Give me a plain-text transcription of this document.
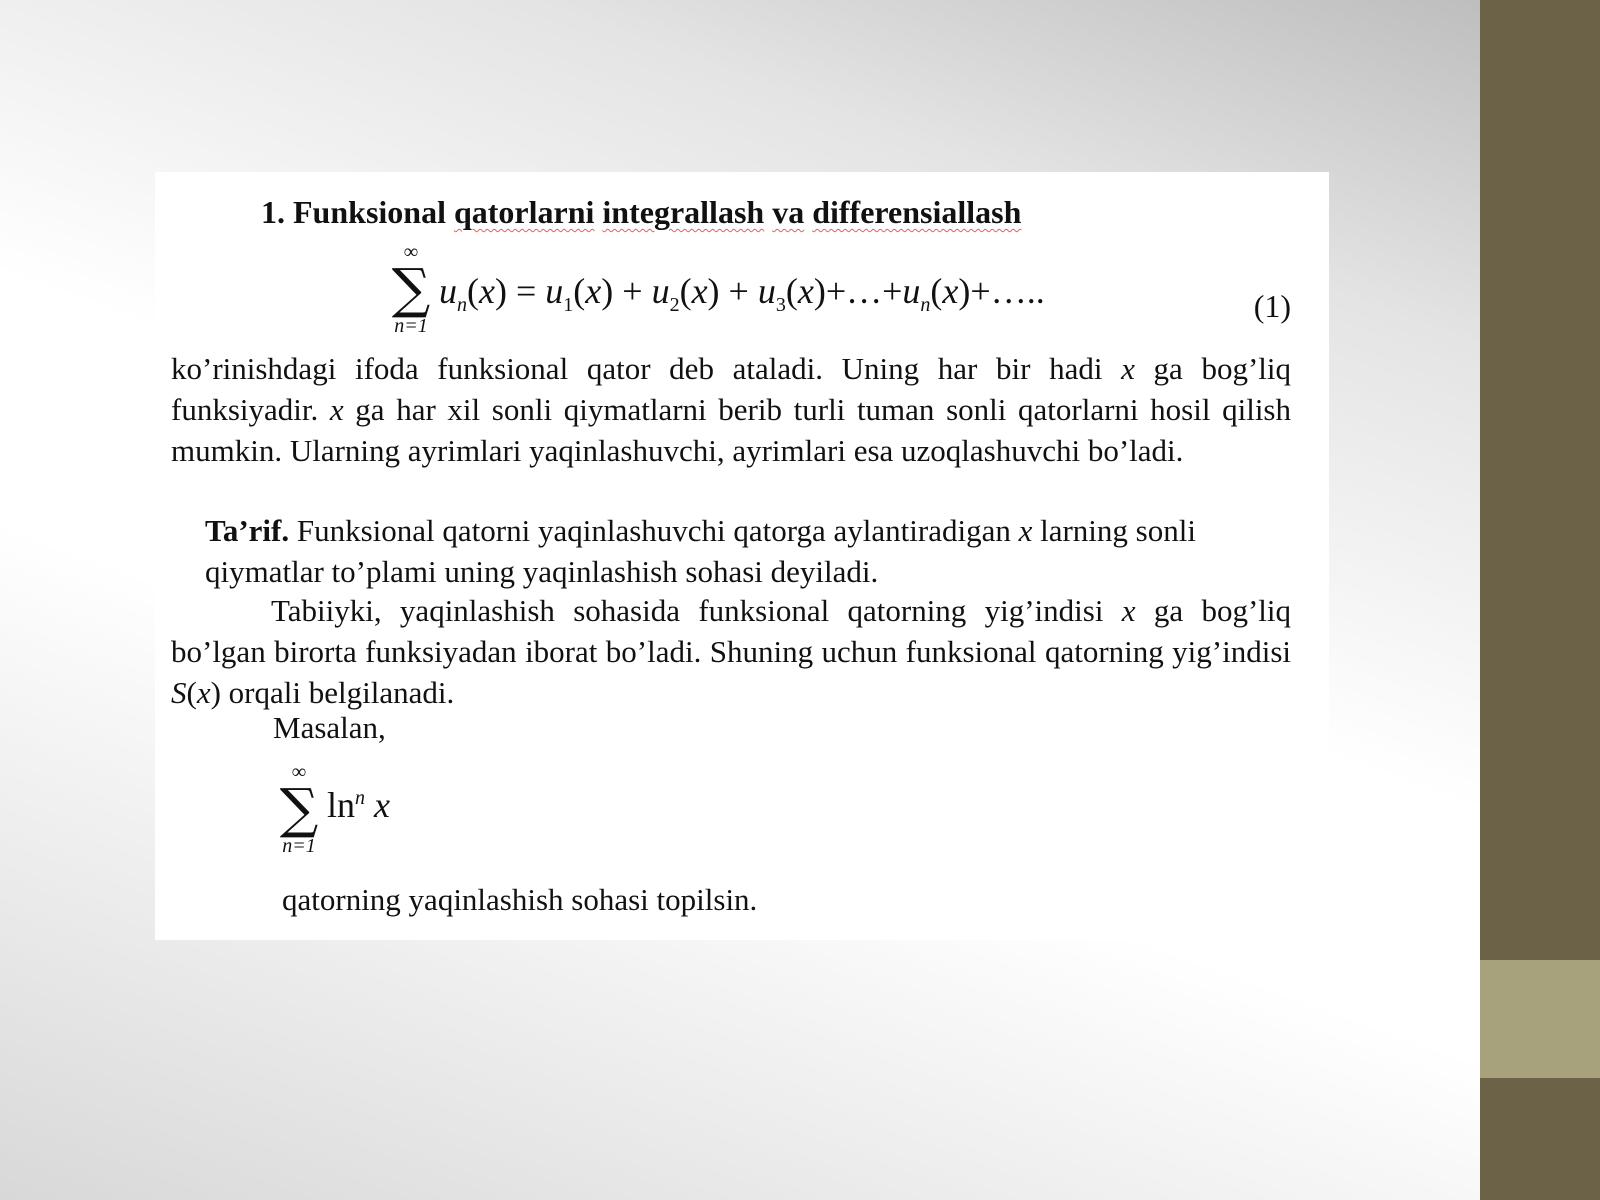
1. Funksional qatorlarni integrallash va differensiallash
∞
∑
n=1
$u_n(x) = u_1(x) + u_2(x)$ + $u_3(x)+\dots+u_n(x)+\dots$..	(1)
ko’rinishdagi ifoda funksional qator deb ataladi. Uning har bir hadi x ga bog’liq funksiyadir. x ga har xil sonli qiymatlarni berib turli tuman sonli qatorlarni hosil qilish mumkin. Ularning ayrimlari yaqinlashuvchi, ayrimlari esa uzoqlashuvchi bo’ladi.
Ta’rif. Funksional qatorni yaqinlashuvchi qatorga aylantiradigan x larning sonli qiymatlar to’plami uning yaqinlashish sohasi deyiladi.
Tabiiyki, yaqinlashish sohasida funksional qatorning yig’indisi x ga bog’liq bo’lgan birorta funksiyadan iborat bo’ladi. Shuning uchun funksional qatorning yig’indisi S(x) orqali belgilanadi.
Masalan,
∞
∑
n=1
$\ln^n x$
qatorning yaqinlashish sohasi topilsin.
